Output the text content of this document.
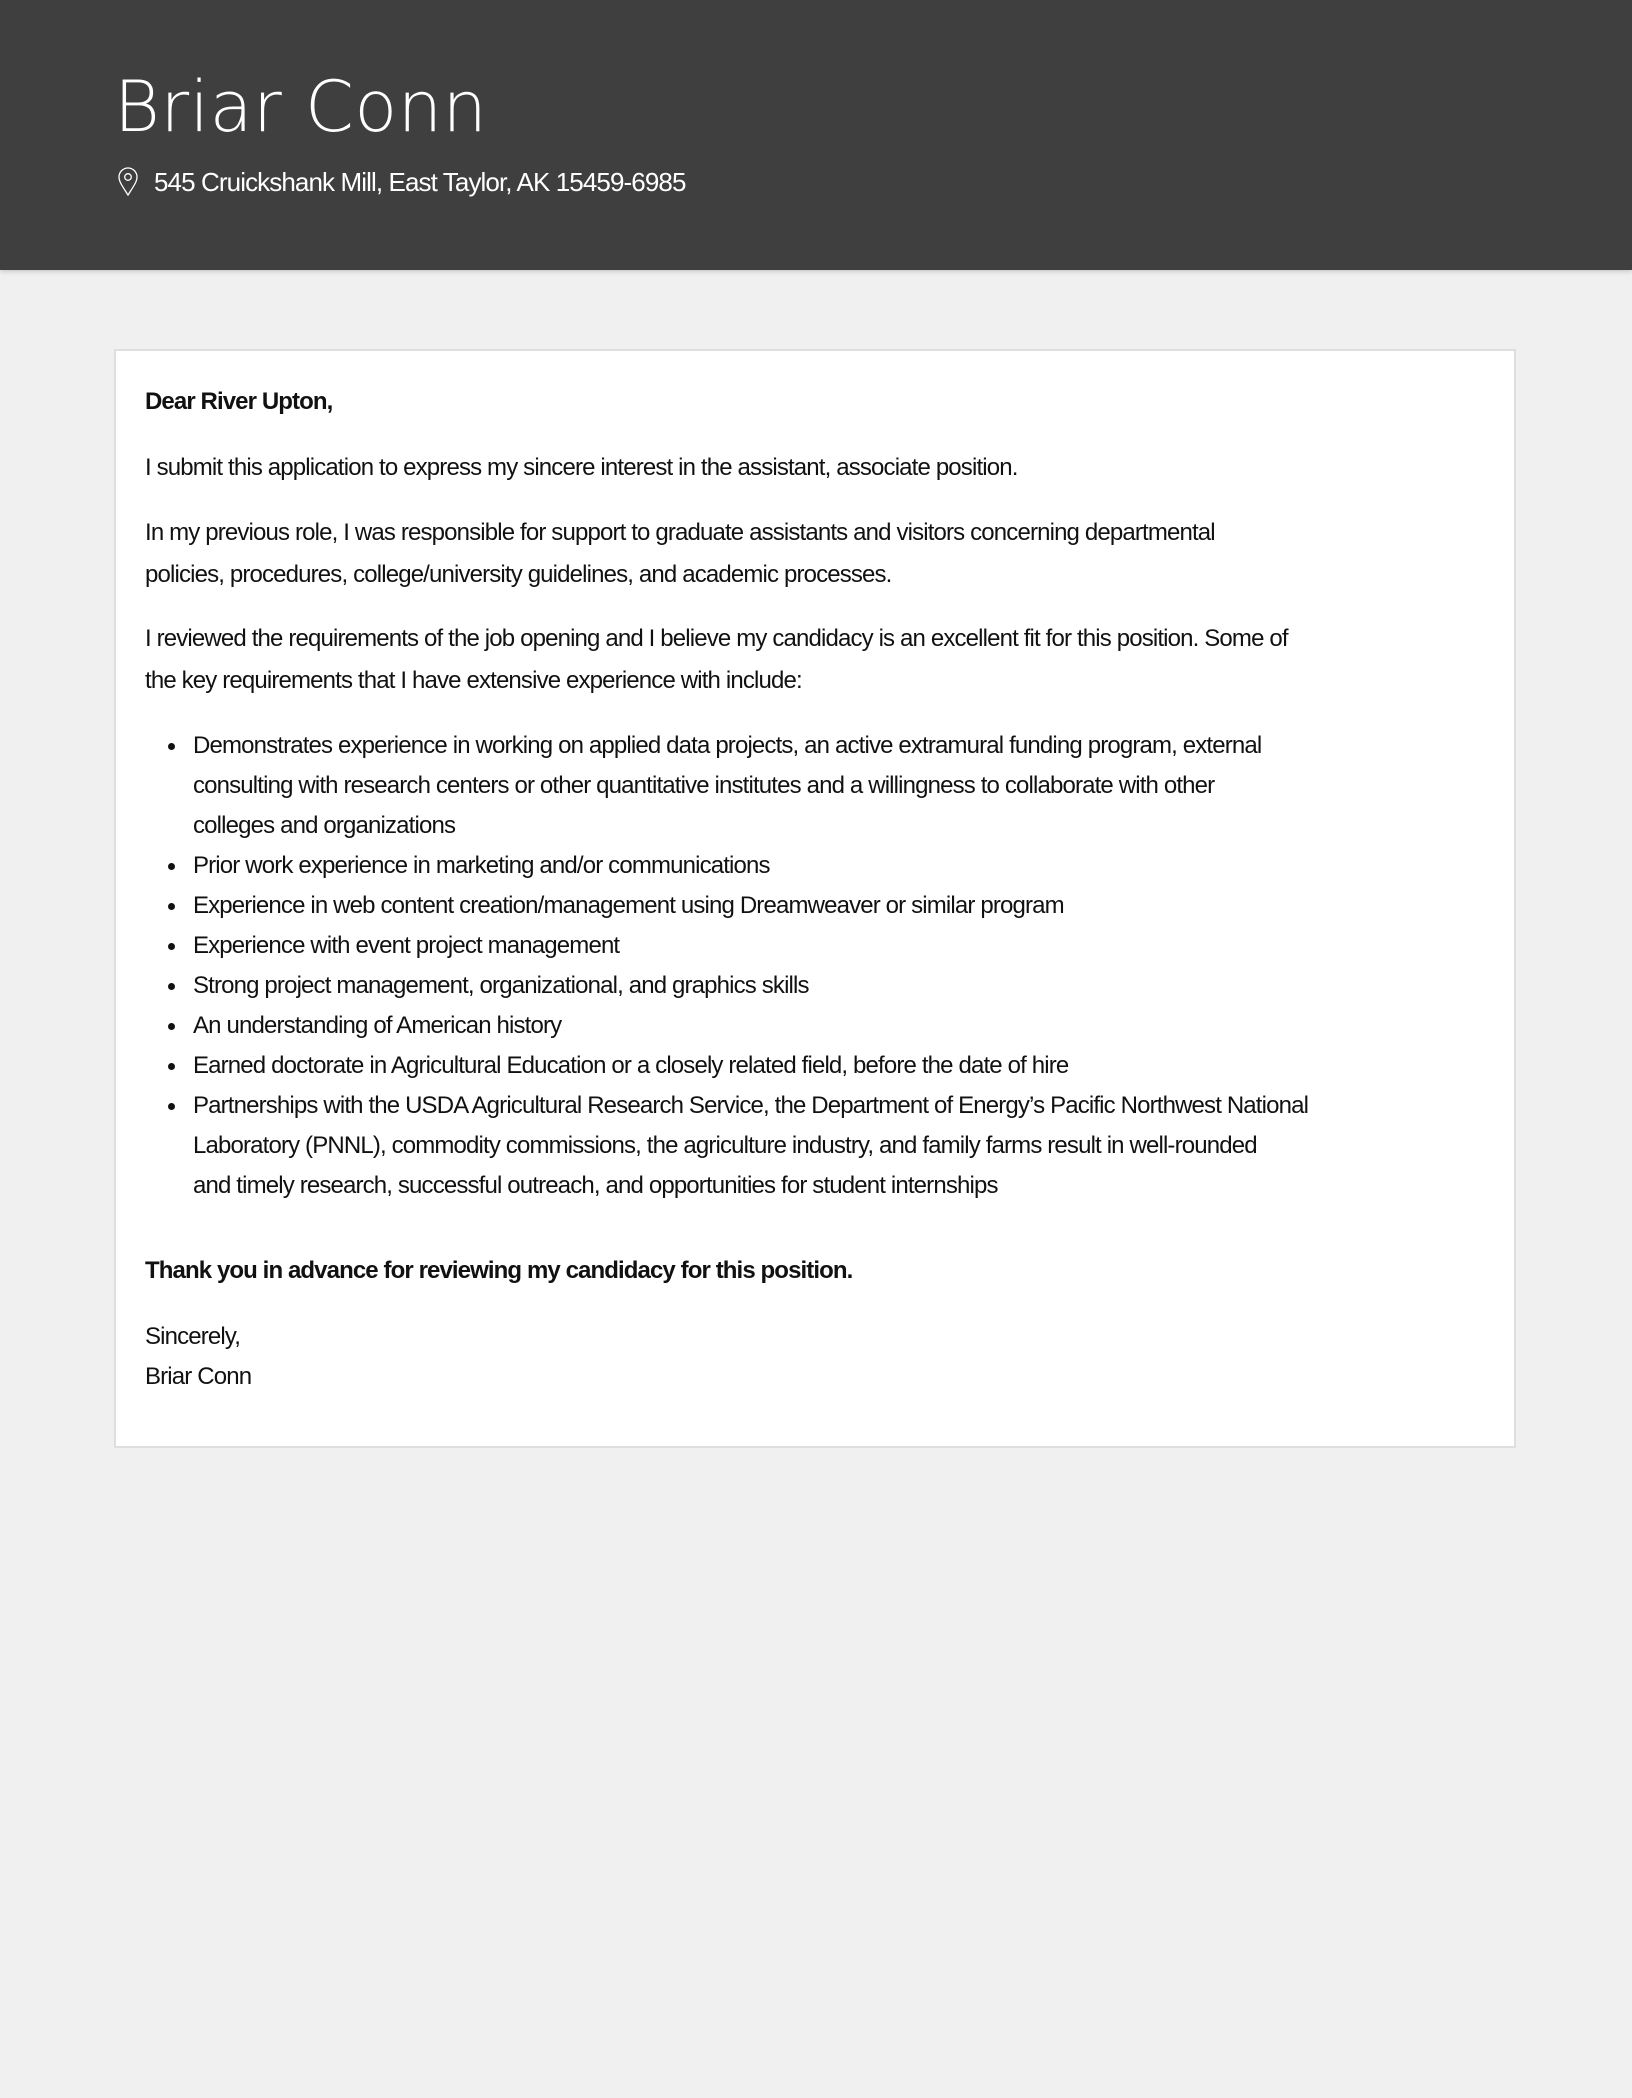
Briar Conn
545 Cruickshank Mill, East Taylor, AK 15459-6985

Dear River Upton,

I submit this application to express my sincere interest in the assistant, associate position.

In my previous role, I was responsible for support to graduate assistants and visitors concerning departmental
policies, procedures, college/university guidelines, and academic processes.
I reviewed the requirements of the job opening and I believe my candidacy is an excellent fit for this position. Some of
the key requirements that I have extensive experience with include:
Demonstrates experience in working on applied data projects, an active extramural funding program, external
consulting with research centers or other quantitative institutes and a willingness to collaborate with other
colleges and organizations
Prior work experience in marketing and/or communications
Experience in web content creation/management using Dreamweaver or similar program
Experience with event project management
Strong project management, organizational, and graphics skills
An understanding of American history
Earned doctorate in Agricultural Education or a closely related field, before the date of hire
Partnerships with the USDA Agricultural Research Service, the Department of Energy’s Pacific Northwest National
Laboratory (PNNL), commodity commissions, the agriculture industry, and family farms result in well-rounded
and timely research, successful outreach, and opportunities for student internships

Thank you in advance for reviewing my candidacy for this position.

Sincerely,

Briar Conn
